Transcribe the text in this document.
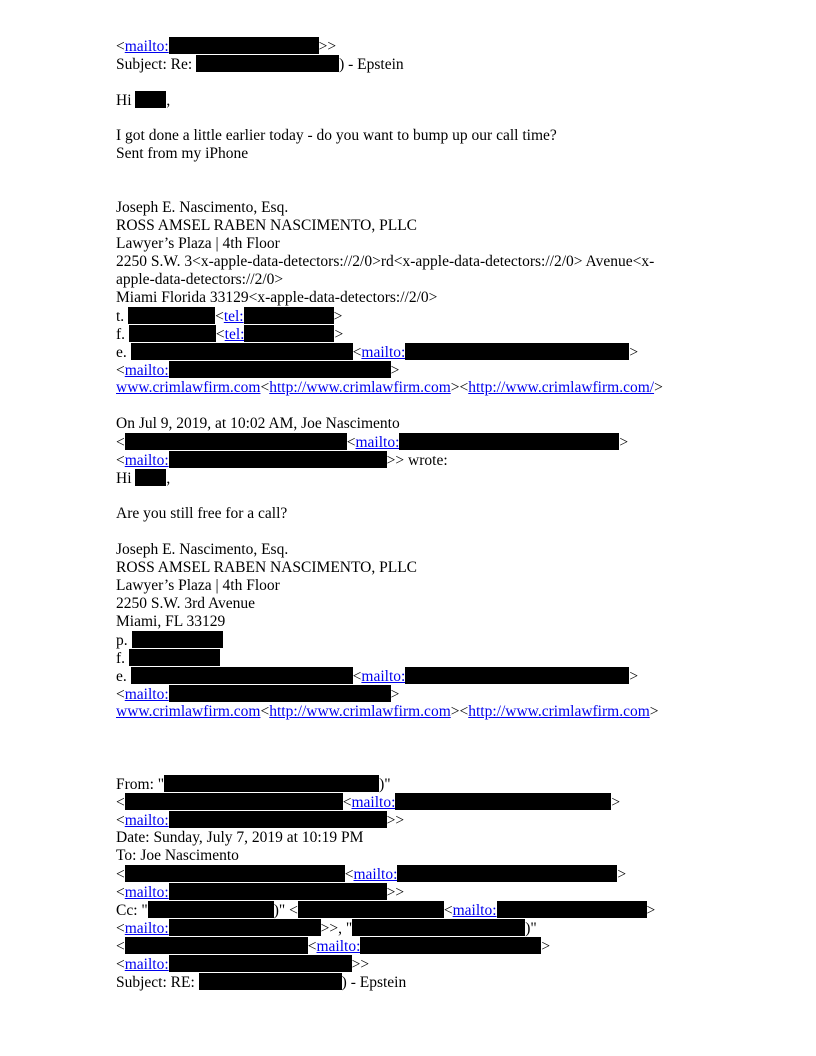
<mailto:	>>
Subject: Re:	) - Epstein
Hi ,
I got done a little earlier today - do you want to bump up our call time?
Sent from my iPhone
Joseph E. Nascimento, Esq.
ROSS AMSEL RABEN NASCIMENTO, PLLC
Lawyer’s Plaza | 4th Floor
2250 S.W. 3<x-apple-data-detectors://2/0>rd<x-apple-data-detectors://2/0> Avenue<x-
apple-data-detectors://2/0>
Miami Florida 33129<x-apple-data-detectors://2/0>
t.	<tel:	>
f.	<tel:	>
e.	<mailto:	>
<mailto:	>
www.crimlawfirm.com<http://www.crimlawfirm.com><http://www.crimlawfirm.com/>
On Jul 9, 2019, at 10:02 AM, Joe Nascimento
<	<mailto:	>
<mailto:	>> wrote:
Hi ,
Are you still free for a call?
Joseph E. Nascimento, Esq.
ROSS AMSEL RABEN NASCIMENTO, PLLC
Lawyer’s Plaza | 4th Floor
2250 S.W. 3rd Avenue
Miami, FL 33129
p.
f.
e.	<mailto:	>
<mailto:	>
www.crimlawfirm.com<http://www.crimlawfirm.com><http://www.crimlawfirm.com>
From: "	)"
<	<mailto:	>
<mailto:	>>
Date: Sunday, July 7, 2019 at 10:19 PM
To: Joe Nascimento
<	<mailto:	>
<mailto:	>>
Cc: "	)" <	<mailto:	>
<mailto:	>>, "	)"
<	<mailto:	>
<mailto:	>>
Subject: RE:	) - Epstein
